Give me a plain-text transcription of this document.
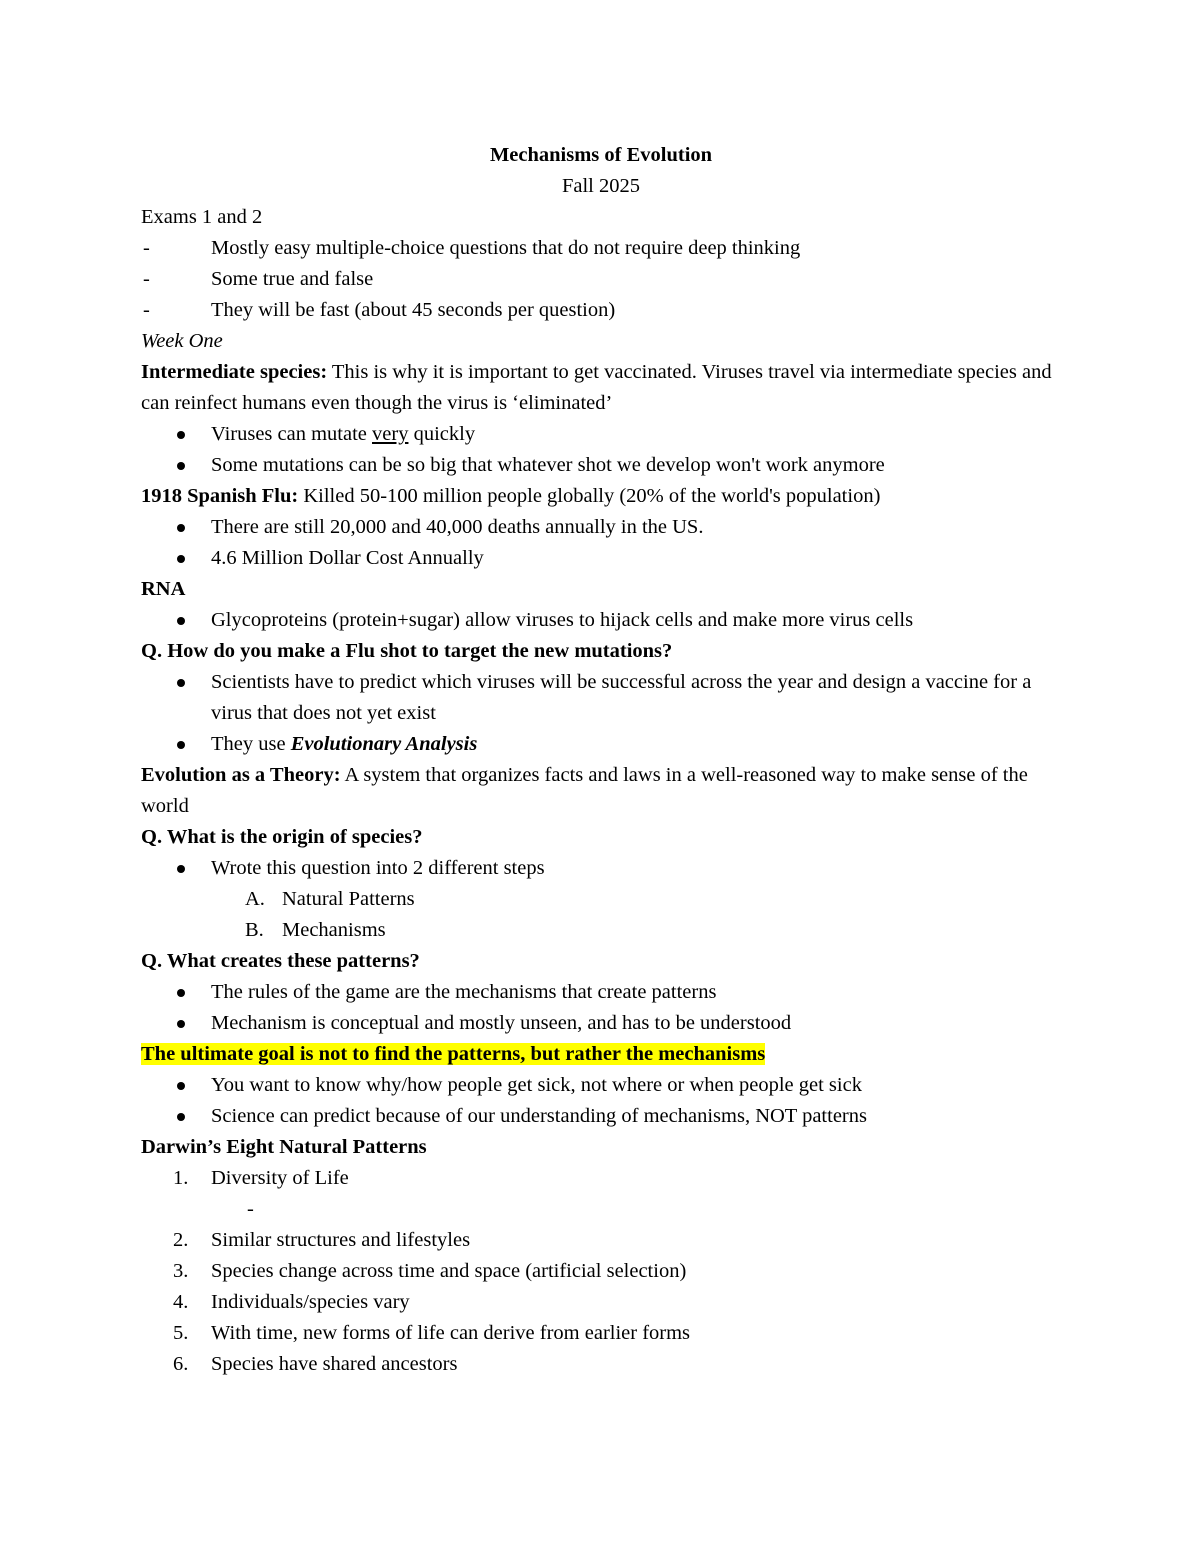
Mechanisms of Evolution

Fall 2025

Exams 1 and 2

-	Mostly easy multiple-choice questions that do not require deep thinking
-	Some true and false
-	They will be fast (about 45 seconds per question)

Week One

Intermediate species: This is why it is important to get vaccinated. Viruses travel via intermediate species and can reinfect humans even though the virus is ‘eliminated’

Viruses can mutate very quickly
Some mutations can be so big that whatever shot we develop won't work anymore

1918 Spanish Flu: Killed 50-100 million people globally (20% of the world's population)

There are still 20,000 and 40,000 deaths annually in the US.
4.6 Million Dollar Cost Annually

RNA

Glycoproteins (protein+sugar) allow viruses to hijack cells and make more virus cells

Q. How do you make a Flu shot to target the new mutations?

Scientists have to predict which viruses will be successful across the year and design a vaccine for a virus that does not yet exist
They use Evolutionary Analysis

Evolution as a Theory: A system that organizes facts and laws in a well-reasoned way to make sense of the world

Q. What is the origin of species?

Wrote this question into 2 different steps
A. Natural Patterns
B. Mechanisms

Q. What creates these patterns?

The rules of the game are the mechanisms that create patterns
Mechanism is conceptual and mostly unseen, and has to be understood

The ultimate goal is not to find the patterns, but rather the mechanisms

You want to know why/how people get sick, not where or when people get sick
Science can predict because of our understanding of mechanisms, NOT patterns

Darwin’s Eight Natural Patterns

1.	Diversity of Life
-
2.	Similar structures and lifestyles
3.	Species change across time and space (artificial selection)
4.	Individuals/species vary
5.	With time, new forms of life can derive from earlier forms
6.	Species have shared ancestors
